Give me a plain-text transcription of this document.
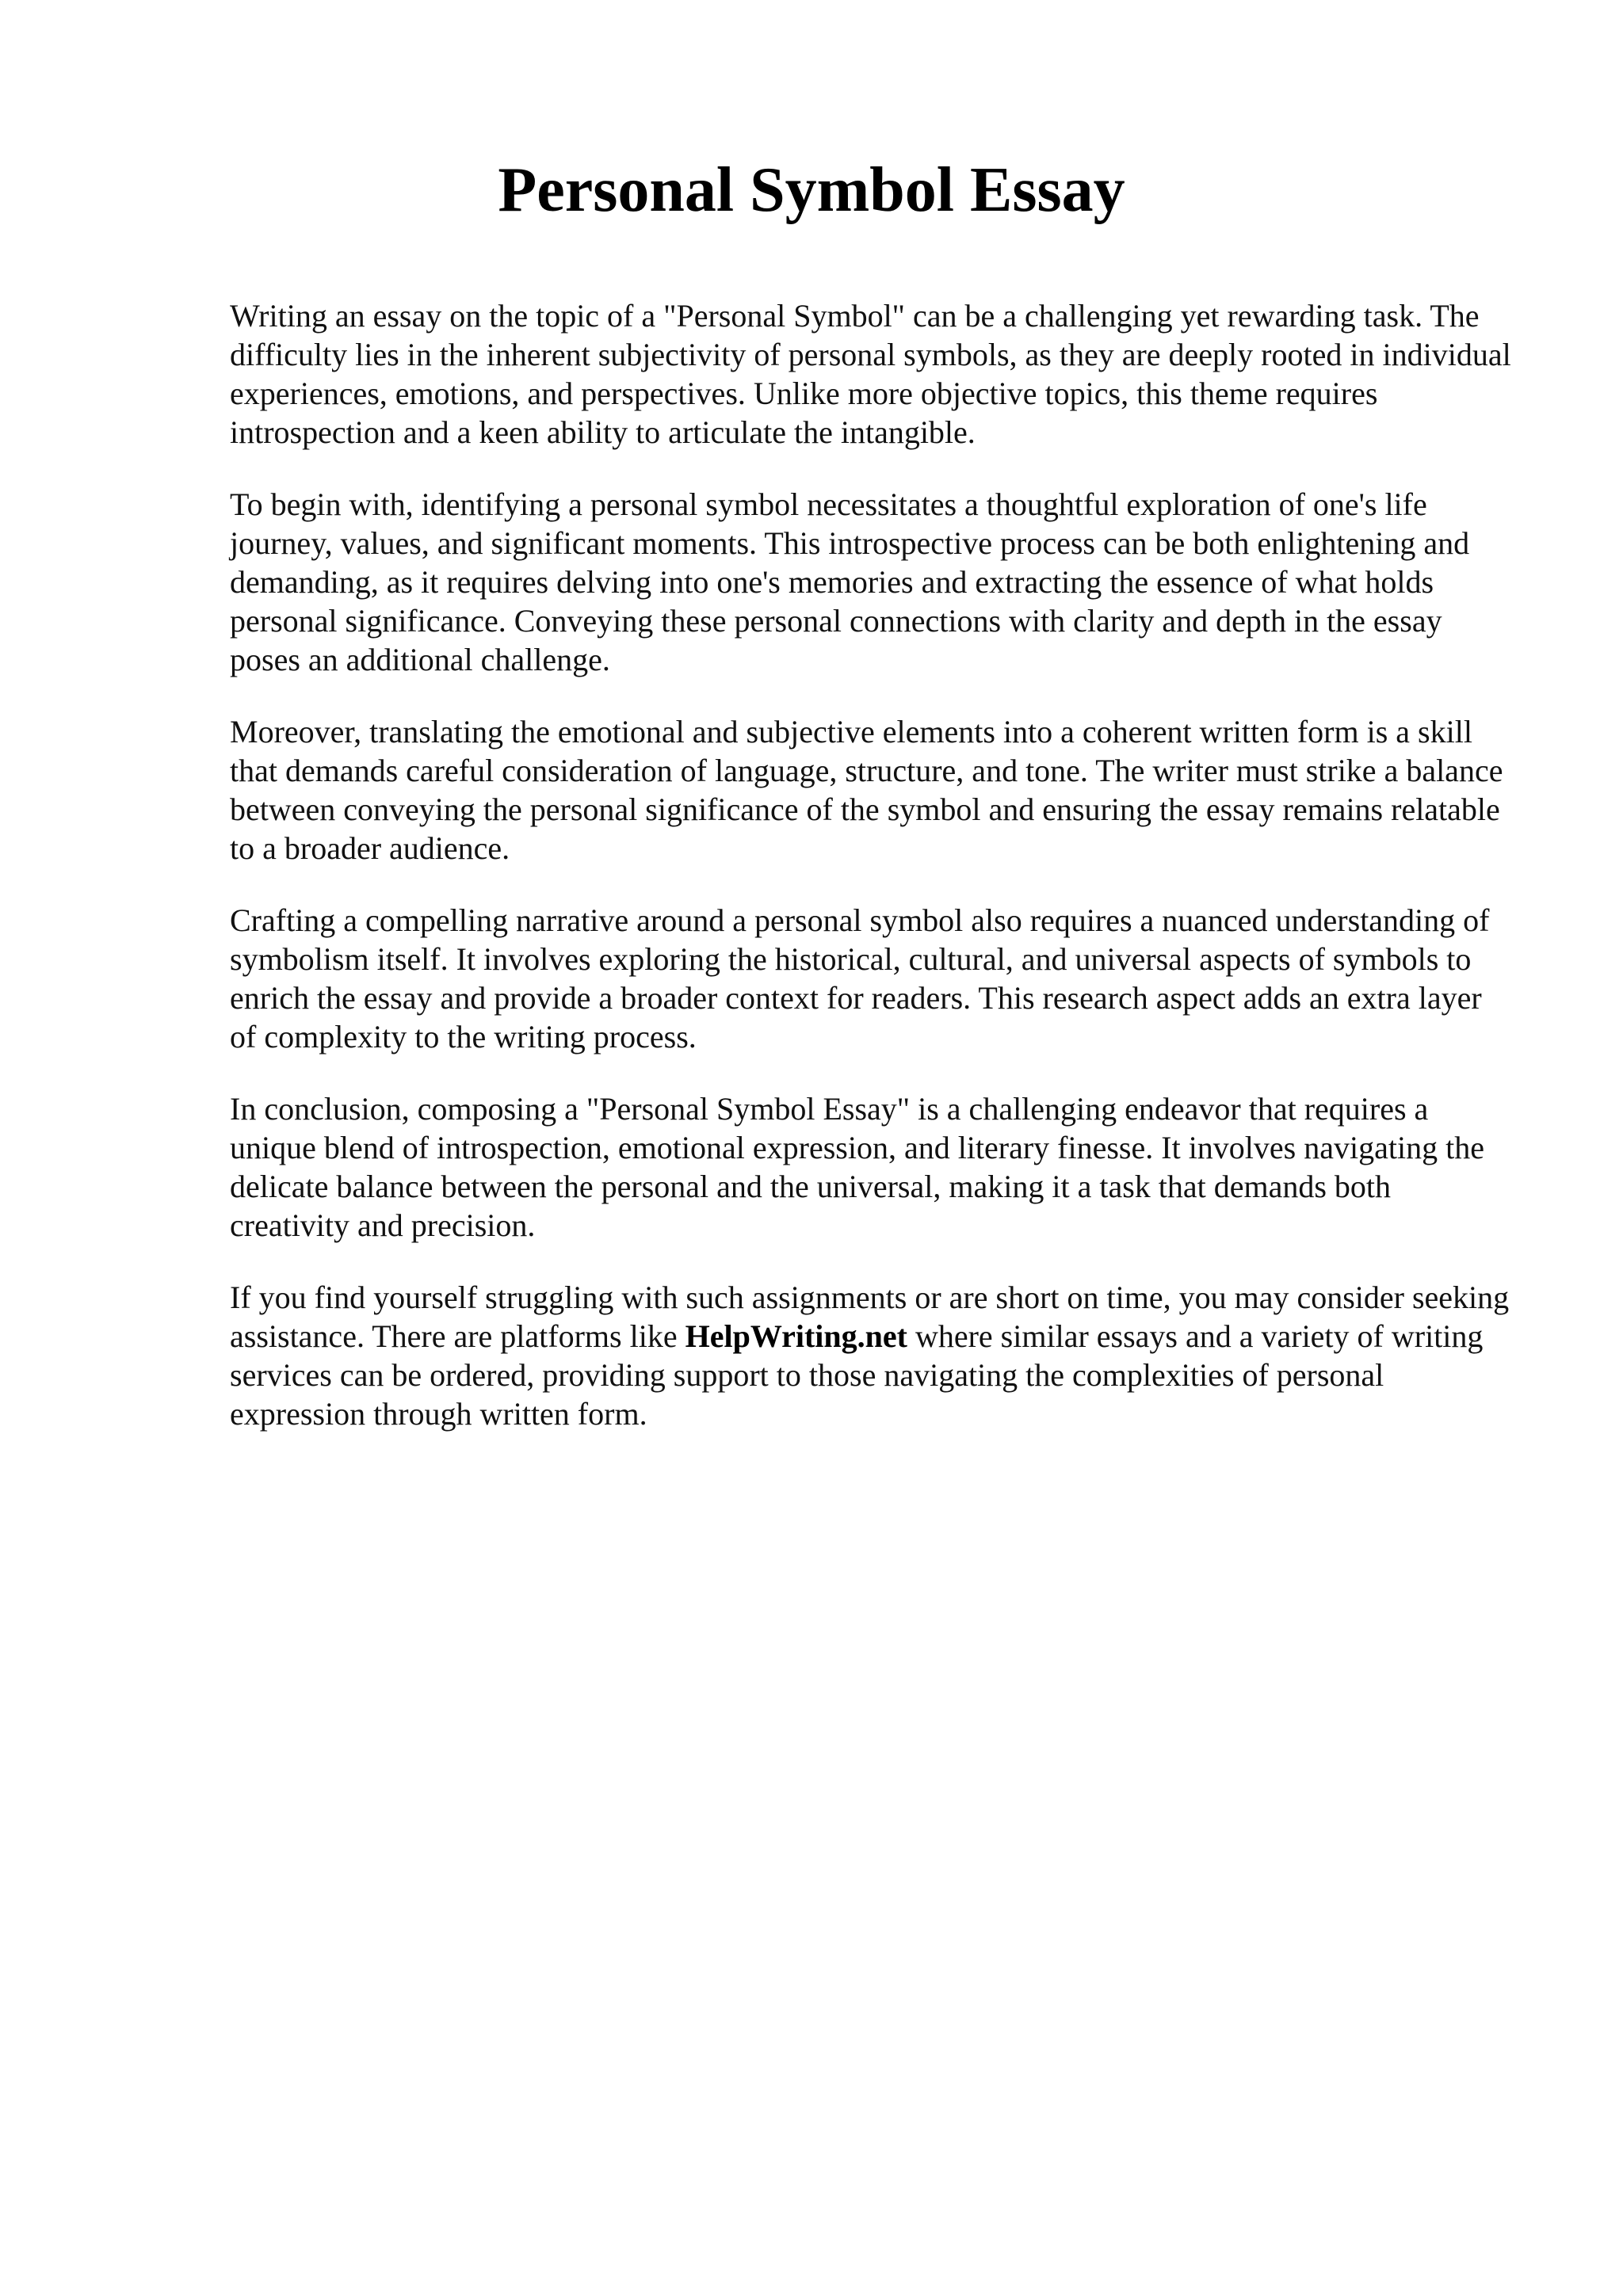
Personal Symbol Essay

Writing an essay on the topic of a "Personal Symbol" can be a challenging yet rewarding task. The difficulty lies in the inherent subjectivity of personal symbols, as they are deeply rooted in individual experiences, emotions, and perspectives. Unlike more objective topics, this theme requires introspection and a keen ability to articulate the intangible.

To begin with, identifying a personal symbol necessitates a thoughtful exploration of one's life journey, values, and significant moments. This introspective process can be both enlightening and demanding, as it requires delving into one's memories and extracting the essence of what holds personal significance. Conveying these personal connections with clarity and depth in the essay poses an additional challenge.

Moreover, translating the emotional and subjective elements into a coherent written form is a skill that demands careful consideration of language, structure, and tone. The writer must strike a balance between conveying the personal significance of the symbol and ensuring the essay remains relatable to a broader audience.

Crafting a compelling narrative around a personal symbol also requires a nuanced understanding of symbolism itself. It involves exploring the historical, cultural, and universal aspects of symbols to enrich the essay and provide a broader context for readers. This research aspect adds an extra layer of complexity to the writing process.

In conclusion, composing a "Personal Symbol Essay" is a challenging endeavor that requires a unique blend of introspection, emotional expression, and literary finesse. It involves navigating the delicate balance between the personal and the universal, making it a task that demands both creativity and precision.

If you find yourself struggling with such assignments or are short on time, you may consider seeking assistance. There are platforms like HelpWriting.net where similar essays and a variety of writing services can be ordered, providing support to those navigating the complexities of personal expression through written form.
